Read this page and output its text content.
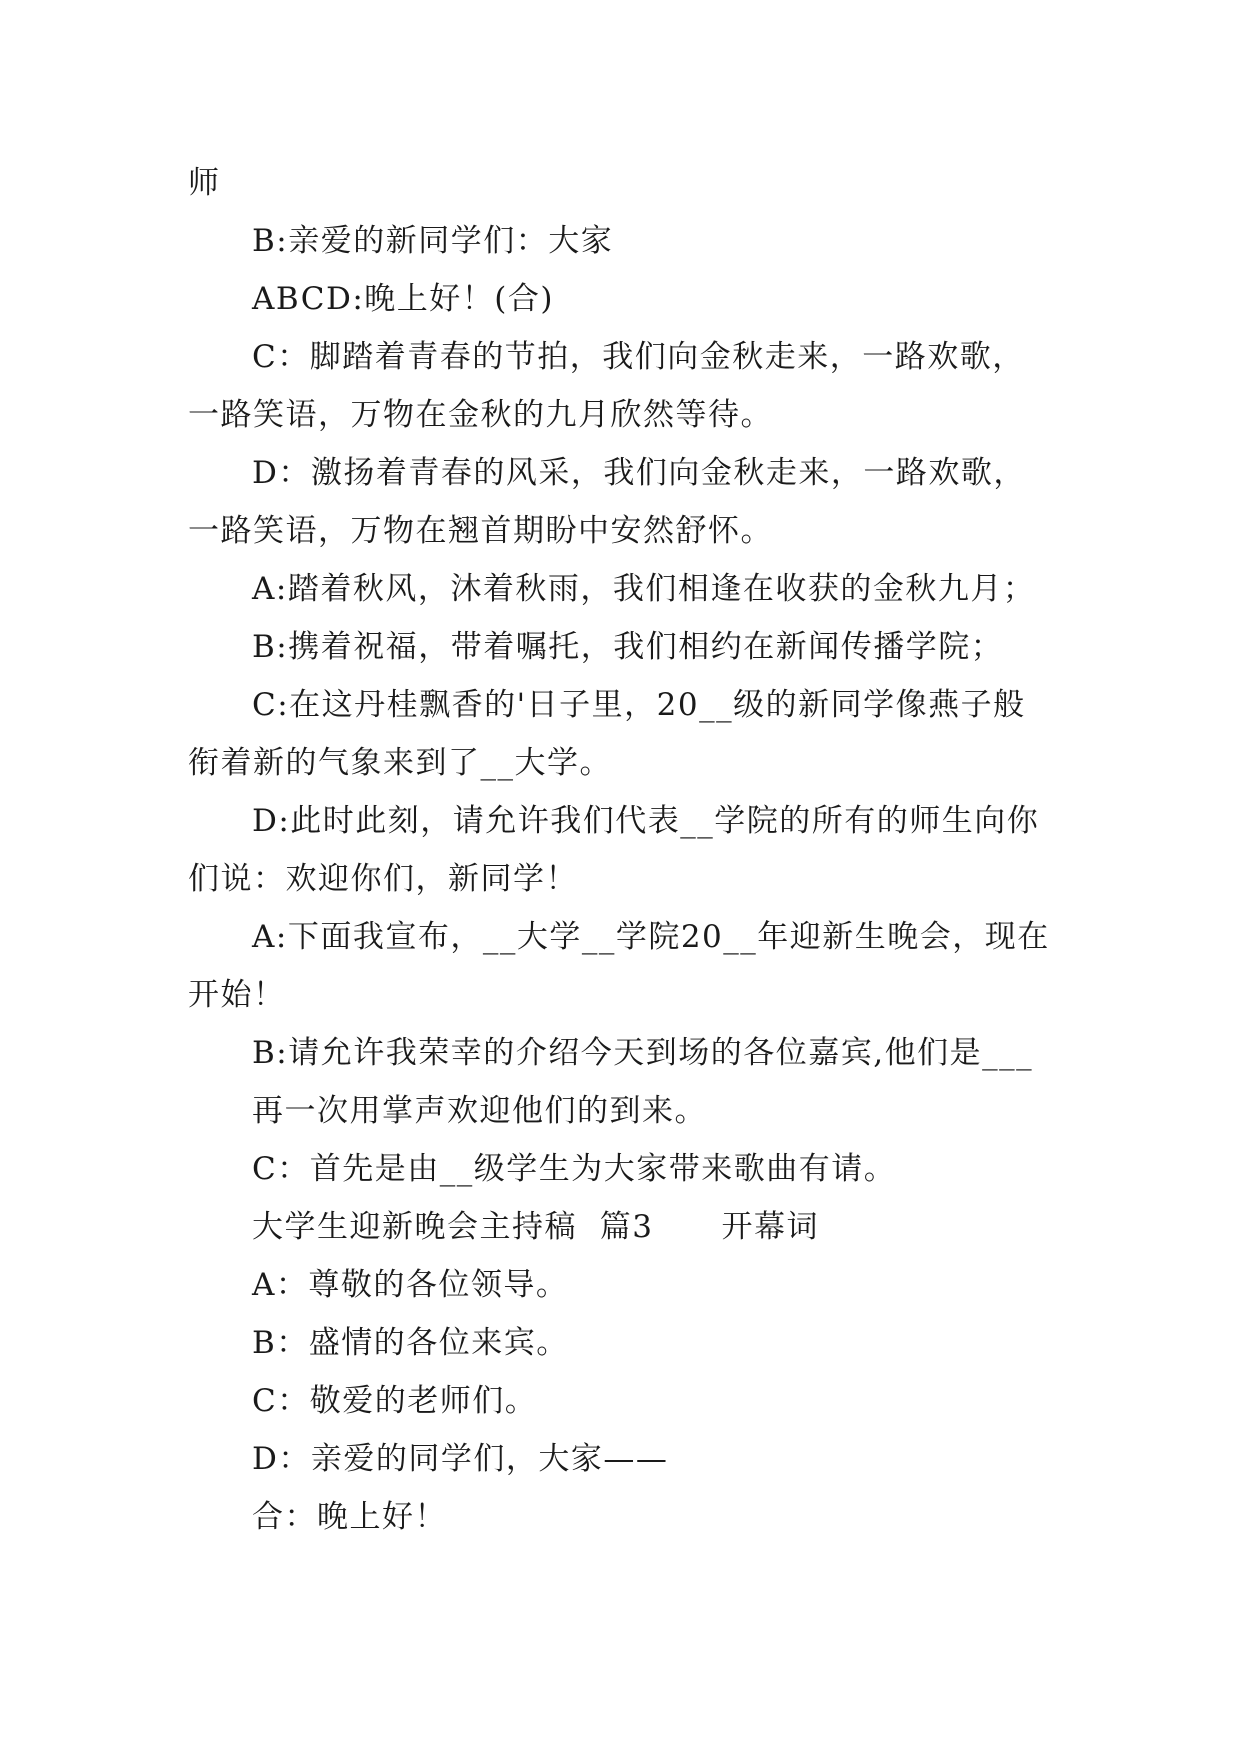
师
B:亲爱的新同学们：大家
ABCD:晚上好！(合)
C：脚踏着青春的节拍，我们向金秋走来，一路欢歌，
一路笑语，万物在金秋的九月欣然等待。
D：激扬着青春的风采，我们向金秋走来，一路欢歌，
一路笑语，万物在翘首期盼中安然舒怀。
A:踏着秋风，沐着秋雨，我们相逢在收获的金秋九月；
B:携着祝福，带着嘱托，我们相约在新闻传播学院；
C:在这丹桂飘香的'日子里，20__级的新同学像燕子般
衔着新的气象来到了__大学。
D:此时此刻，请允许我们代表__学院的所有的师生向你
们说：欢迎你们，新同学！
A:下面我宣布，__大学__学院20__年迎新生晚会，现在
开始！
B:请允许我荣幸的介绍今天到场的各位嘉宾,他们是___
再一次用掌声欢迎他们的到来。
C：首先是由__级学生为大家带来歌曲有请。
大学生迎新晚会主持稿  篇3      开幕词
A：尊敬的各位领导。
B：盛情的各位来宾。
C：敬爱的老师们。
D：亲爱的同学们，大家——
合：晚上好！
